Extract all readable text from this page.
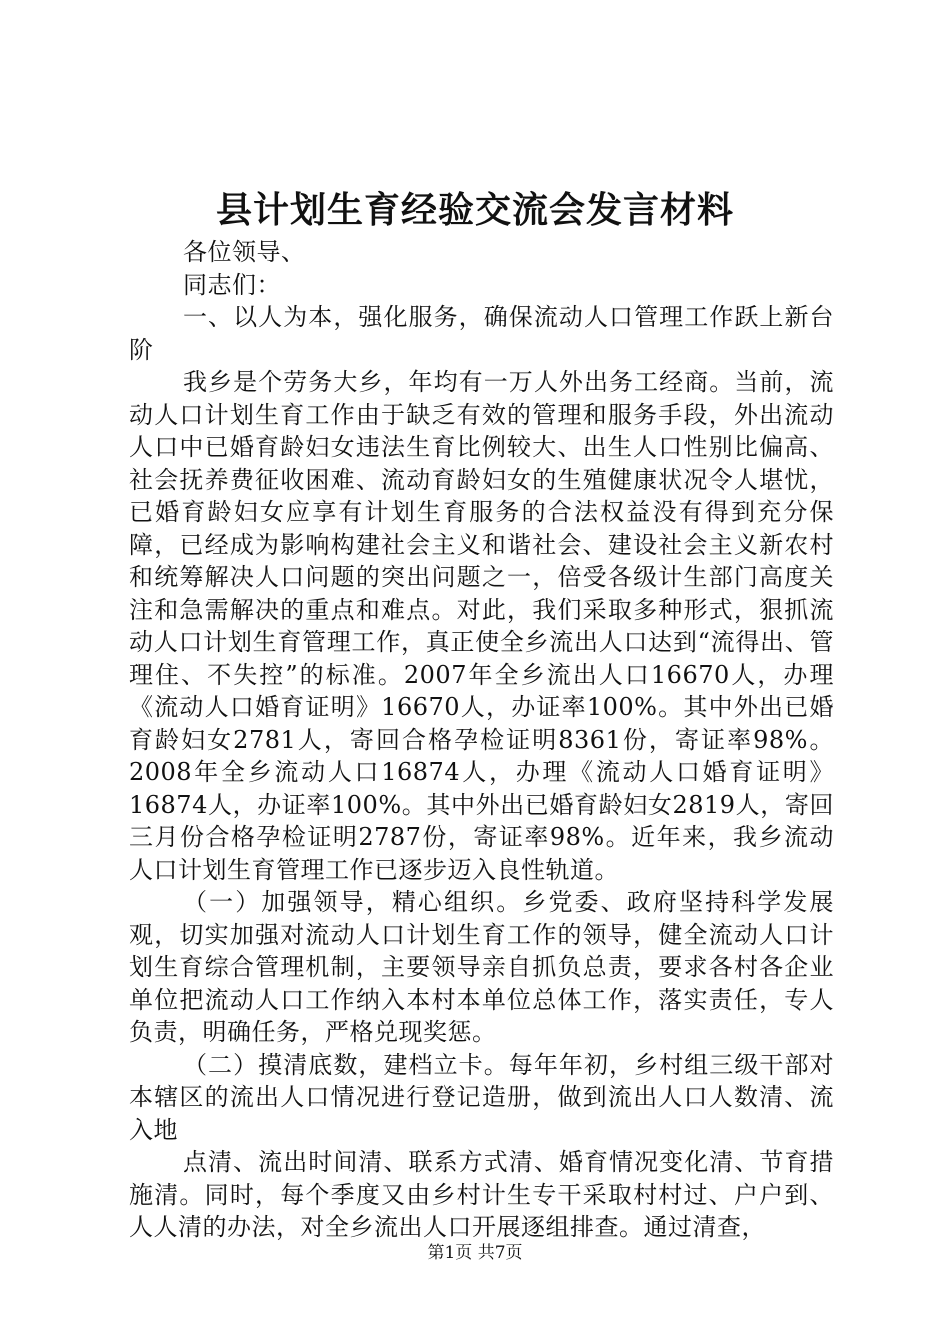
县计划生育经验交流会发言材料

各位领导、

同志们：

一、以人为本，强化服务，确保流动人口管理工作跃上新台阶

我乡是个劳务大乡，年均有一万人外出务工经商。当前，流动人口计划生育工作由于缺乏有效的管理和服务手段，外出流动人口中已婚育龄妇女违法生育比例较大、出生人口性别比偏高、社会抚养费征收困难、流动育龄妇女的生殖健康状况令人堪忧，已婚育龄妇女应享有计划生育服务的合法权益没有得到充分保障，已经成为影响构建社会主义和谐社会、建设社会主义新农村和统筹解决人口问题的突出问题之一，倍受各级计生部门高度关注和急需解决的重点和难点。对此，我们采取多种形式，狠抓流动人口计划生育管理工作，真正使全乡流出人口达到“流得出、管理住、不失控”的标准。2007年全乡流出人口16670人，办理《流动人口婚育证明》16670人，办证率100%。其中外出已婚育龄妇女2781人，寄回合格孕检证明8361份，寄证率98%。2008年全乡流动人口16874人，办理《流动人口婚育证明》16874人，办证率100%。其中外出已婚育龄妇女2819人，寄回三月份合格孕检证明2787份，寄证率98%。近年来，我乡流动人口计划生育管理工作已逐步迈入良性轨道。

（一）加强领导，精心组织。乡党委、政府坚持科学发展观，切实加强对流动人口计划生育工作的领导，健全流动人口计划生育综合管理机制，主要领导亲自抓负总责，要求各村各企业单位把流动人口工作纳入本村本单位总体工作，落实责任，专人负责，明确任务，严格兑现奖惩。

（二）摸清底数，建档立卡。每年年初，乡村组三级干部对本辖区的流出人口情况进行登记造册，做到流出人口人数清、流入地

点清、流出时间清、联系方式清、婚育情况变化清、节育措施清。同时，每个季度又由乡村计生专干采取村村过、户户到、人人清的办法，对全乡流出人口开展逐组排查。通过清查，

第1页 共7页
